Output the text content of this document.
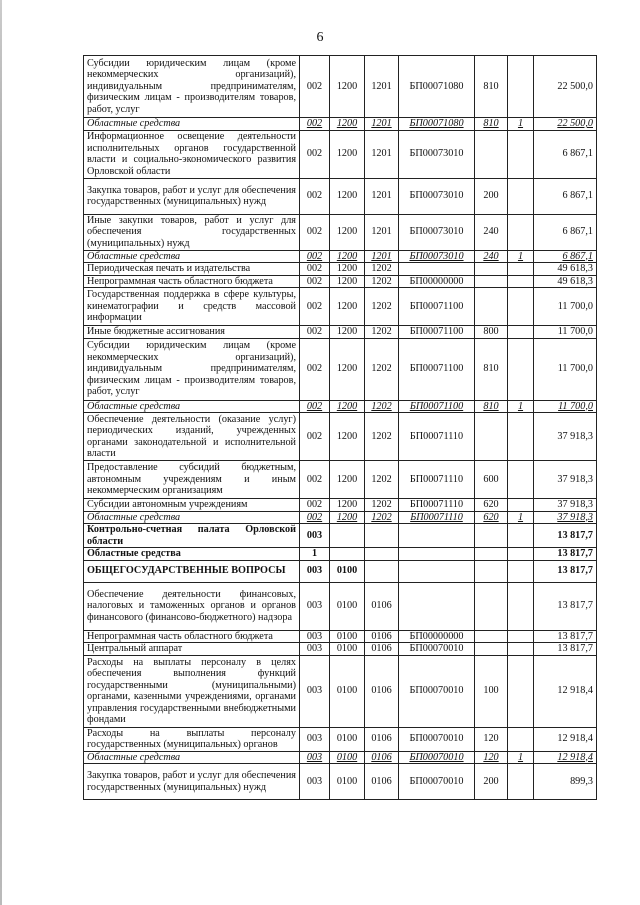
6
Субсидии юридическим лицам (кроме некоммерческих организаций), индивидуальным предпринимателям, физическим лицам - производителям товаров, работ, услуг	002	1200	1201	БП00071080	810		22 500,0
Областные средства	002	1200	1201	БП00071080	810	1	22 500,0
Информационное освещение деятельности исполнительных органов государственной власти и социально-экономического развития Орловской области	002	1200	1201	БП00073010			6 867,1
Закупка товаров, работ и услуг для обеспечения государственных (муниципальных) нужд	002	1200	1201	БП00073010	200		6 867,1
Иные закупки товаров, работ и услуг для обеспечения государственных (муниципальных) нужд	002	1200	1201	БП00073010	240		6 867,1
Областные средства	002	1200	1201	БП00073010	240	1	6 867,1
Периодическая печать и издательства	002	1200	1202				49 618,3
Непрограммная часть областного бюджета	002	1200	1202	БП00000000			49 618,3
Государственная поддержка в сфере культуры, кинематографии и средств массовой информации	002	1200	1202	БП00071100			11 700,0
Иные бюджетные ассигнования	002	1200	1202	БП00071100	800		11 700,0
Субсидии юридическим лицам (кроме некоммерческих организаций), индивидуальным предпринимателям, физическим лицам - производителям товаров, работ, услуг	002	1200	1202	БП00071100	810		11 700,0
Областные средства	002	1200	1202	БП00071100	810	1	11 700,0
Обеспечение деятельности (оказание услуг) периодических изданий, учрежденных органами законодательной и исполнительной власти	002	1200	1202	БП00071110			37 918,3
Предоставление субсидий бюджетным, автономным учреждениям и иным некоммерческим организациям	002	1200	1202	БП00071110	600		37 918,3
Субсидии автономным учреждениям	002	1200	1202	БП00071110	620		37 918,3
Областные средства	002	1200	1202	БП00071110	620	1	37 918,3
Контрольно-счетная палата Орловской области	003						13 817,7
Областные средства	1						13 817,7
ОБЩЕГОСУДАРСТВЕННЫЕ ВОПРОСЫ	003	0100					13 817,7
Обеспечение деятельности финансовых, налоговых и таможенных органов и органов финансового (финансово-бюджетного) надзора	003	0100	0106				13 817,7
Непрограммная часть областного бюджета	003	0100	0106	БП00000000			13 817,7
Центральный аппарат	003	0100	0106	БП00070010			13 817,7
Расходы на выплаты персоналу в целях обеспечения выполнения функций государственными (муниципальными) органами, казенными учреждениями, органами управления государственными внебюджетными фондами	003	0100	0106	БП00070010	100		12 918,4
Расходы на выплаты персоналу государственных (муниципальных) органов	003	0100	0106	БП00070010	120		12 918,4
Областные средства	003	0100	0106	БП00070010	120	1	12 918,4
Закупка товаров, работ и услуг для обеспечения государственных (муниципальных) нужд	003	0100	0106	БП00070010	200		899,3
